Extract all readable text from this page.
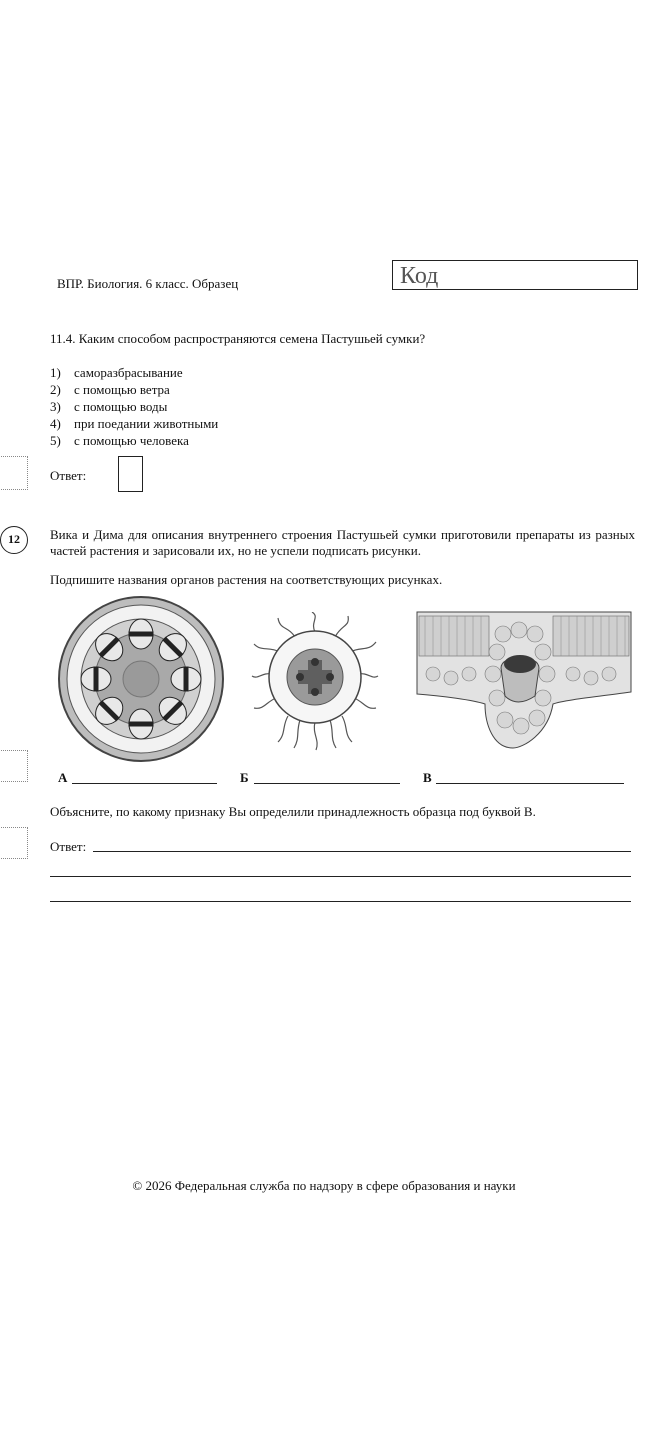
ВПР. Биология. 6 класс. Образец	Код
11.4. Каким способом распространяются семена Пастушьей сумки?
1) саморазбрасывание
2) с помощью ветра
3) с помощью воды
4) при поедании животными
5) с помощью человека
Ответ:
12	Вика и Дима для описания внутреннего строения Пастушьей сумки приготовили препараты из разных частей растения и зарисовали их, но не успели подписать рисунки.
Подпишите названия органов растения на соответствующих рисунках.
А	Б	В
Объясните, по какому признаку Вы определили принадлежность образца под буквой В.
Ответ:
© 2026 Федеральная служба по надзору в сфере образования и науки
